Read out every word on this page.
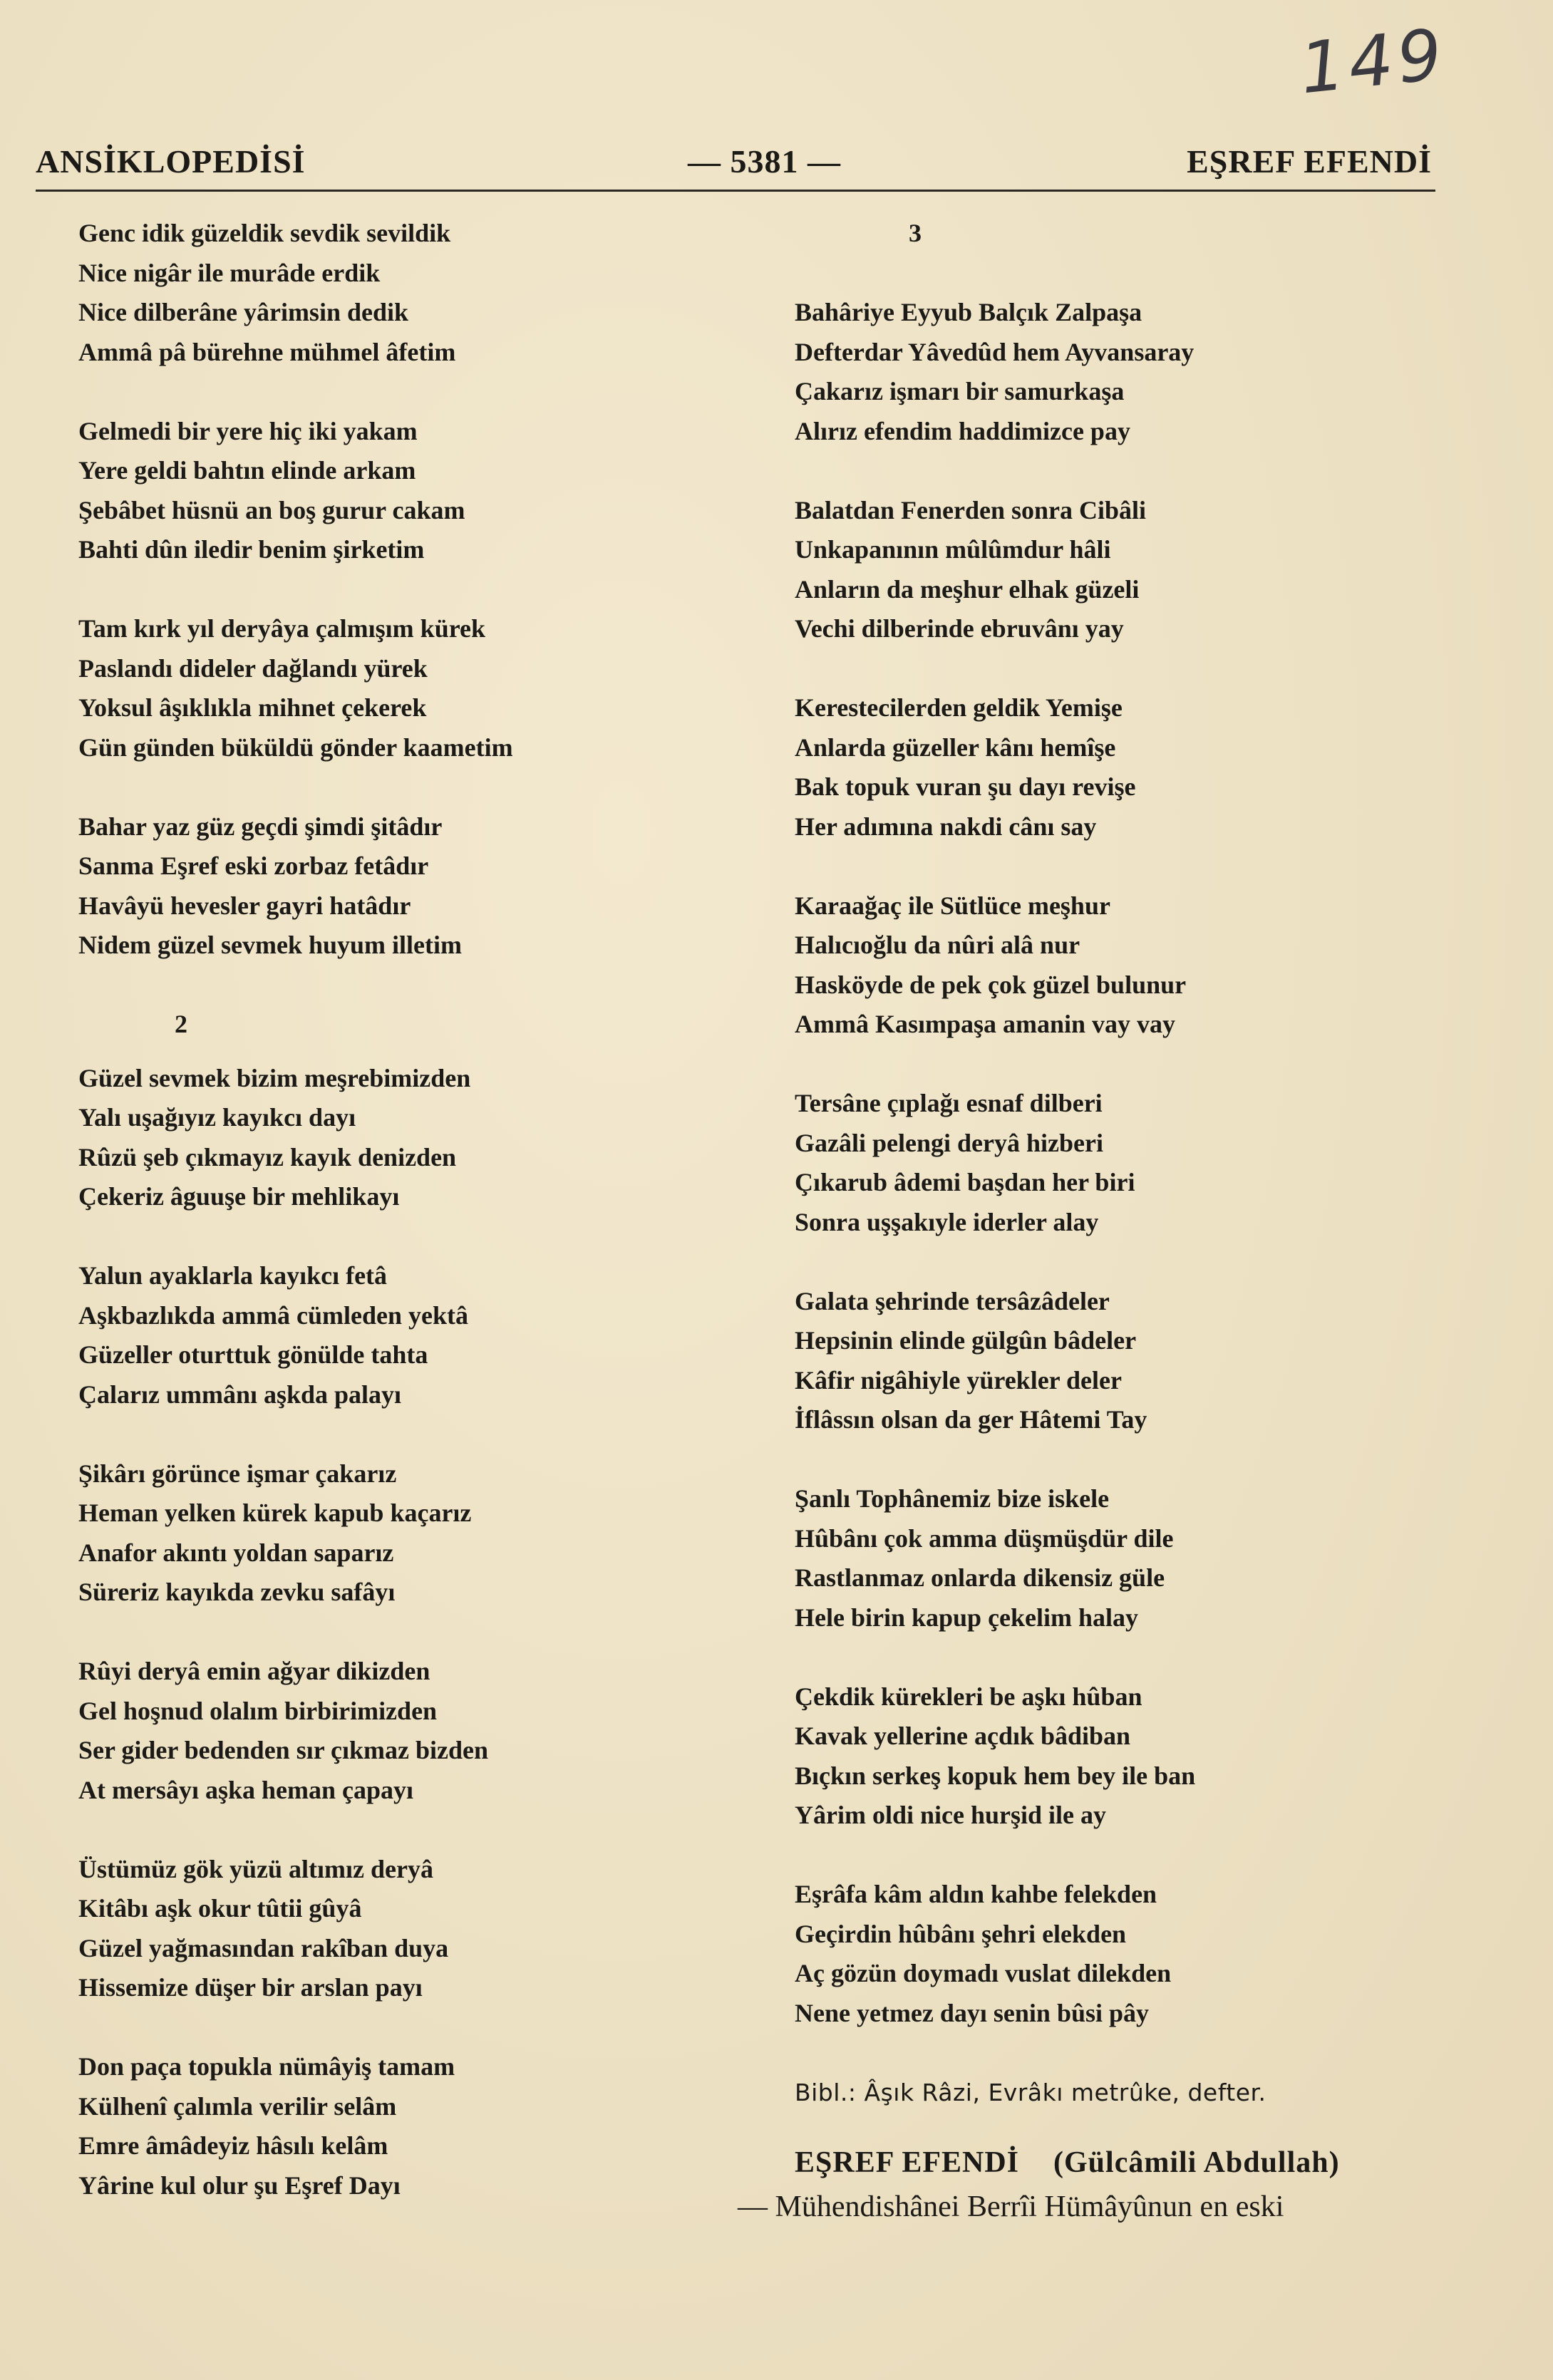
149
ANSİKLOPEDİSİ	— 5381 —	EŞREF EFENDİ
Genc idik güzeldik sevdik sevildik
Nice nigâr ile murâde erdik
Nice dilberâne yârimsin dedik
Ammâ pâ bürehne mühmel âfetim
Gelmedi bir yere hiç iki yakam
Yere geldi bahtın elinde arkam
Şebâbet hüsnü an boş gurur cakam
Bahti dûn iledir benim şirketim
Tam kırk yıl deryâya çalmışım kürek
Paslandı dideler dağlandı yürek
Yoksul âşıklıkla mihnet çekerek
Gün günden büküldü gönder kaametim
Bahar yaz güz geçdi şimdi şitâdır
Sanma Eşref eski zorbaz fetâdır
Havâyü hevesler gayri hatâdır
Nidem güzel sevmek huyum illetim
2
Güzel sevmek bizim meşrebimizden
Yalı uşağıyız kayıkcı dayı
Rûzü şeb çıkmayız kayık denizden
Çekeriz âguuşe bir mehlikayı
Yalun ayaklarla kayıkcı fetâ
Aşkbazlıkda ammâ cümleden yektâ
Güzeller oturttuk gönülde tahta
Çalarız ummânı aşkda palayı
Şikârı görünce işmar çakarız
Heman yelken kürek kapub kaçarız
Anafor akıntı yoldan saparız
Süreriz kayıkda zevku safâyı
Rûyi deryâ emin ağyar dikizden
Gel hoşnud olalım birbirimizden
Ser gider bedenden sır çıkmaz bizden
At mersâyı aşka heman çapayı
Üstümüz gök yüzü altımız deryâ
Kitâbı aşk okur tûtii gûyâ
Güzel yağmasından rakîban duya
Hissemize düşer bir arslan payı
Don paça topukla nümâyiş tamam
Külhenî çalımla verilir selâm
Emre âmâdeyiz hâsılı kelâm
Yârine kul olur şu Eşref Dayı
3
Bahâriye Eyyub Balçık Zalpaşa
Defterdar Yâvedûd hem Ayvansaray
Çakarız işmarı bir samurkaşa
Alırız efendim haddimizce pay
Balatdan Fenerden sonra Cibâli
Unkapanının mûlûmdur hâli
Anların da meşhur elhak güzeli
Vechi dilberinde ebruvânı yay
Kerestecilerden geldik Yemişe
Anlarda güzeller kânı hemîşe
Bak topuk vuran şu dayı revişe
Her adımına nakdi cânı say
Karaağaç ile Sütlüce meşhur
Halıcıoğlu da nûri alâ nur
Hasköyde de pek çok güzel bulunur
Ammâ Kasımpaşa amanin vay vay
Tersâne çıplağı esnaf dilberi
Gazâli pelengi deryâ hizberi
Çıkarub âdemi başdan her biri
Sonra uşşakıyle iderler alay
Galata şehrinde tersâzâdeler
Hepsinin elinde gülgûn bâdeler
Kâfir nigâhiyle yürekler deler
İflâssın olsan da ger Hâtemi Tay
Şanlı Tophânemiz bize iskele
Hûbânı çok amma düşmüşdür dile
Rastlanmaz onlarda dikensiz güle
Hele birin kapup çekelim halay
Çekdik kürekleri be aşkı hûban
Kavak yellerine açdık bâdiban
Bıçkın serkeş kopuk hem bey ile ban
Yârim oldi nice hurşid ile ay
Eşrâfa kâm aldın kahbe felekden
Geçirdin hûbânı şehri elekden
Aç gözün doymadı vuslat dilekden
Nene yetmez dayı senin bûsi pây
Bibl.: Âşık Râzi, Evrâkı metrûke, defter.
EŞREF EFENDİ (Gülcâmili Abdullah)
— Mühendishânei Berrîi Hümâyûnun en eski
